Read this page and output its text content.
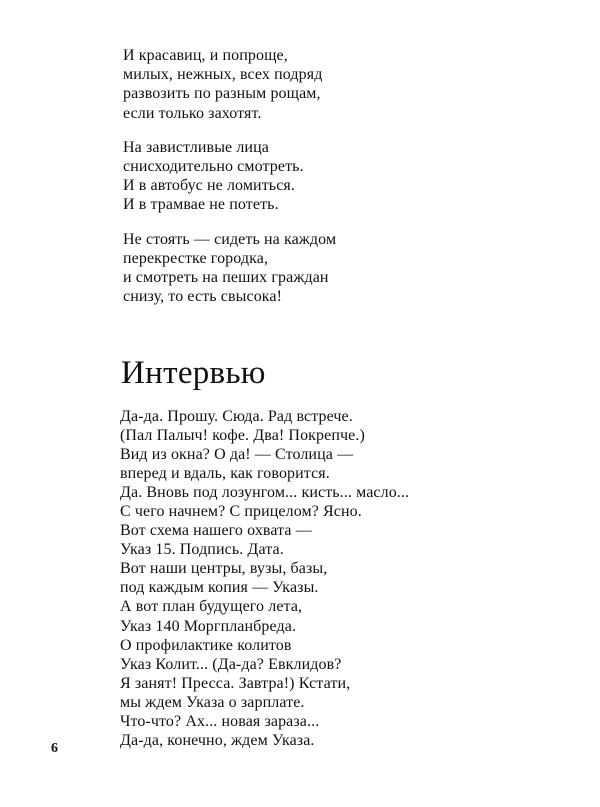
И красавиц, и попроще,
милых, нежных, всех подряд
развозить по разным рощам,
если только захотят.
На завистливые лица
снисходительно смотреть.
И в автобус не ломиться.
И в трамвае не потеть.
Не стоять — сидеть на каждом
перекрестке городка,
и смотреть на пеших граждан
снизу, то есть свысока!
Интервью
Да-да. Прошу. Сюда. Рад встрече.
(Пал Палыч! кофе. Два! Покрепче.)
Вид из окна? О да! — Столица —
вперед и вдаль, как говорится.
Да. Вновь под лозунгом... кисть... масло...
С чего начнем? С прицелом? Ясно.
Вот схема нашего охвата —
Указ 15. Подпись. Дата.
Вот наши центры, вузы, базы,
под каждым копия — Указы.
А вот план будущего лета,
Указ 140 Моргпланбреда.
О профилактике колитов
Указ Колит... (Да-да? Евклидов?
Я занят! Пресса. Завтра!) Кстати,
мы ждем Указа о зарплате.
Что-что? Ах... новая зараза...
Да-да, конечно, ждем Указа.
6
